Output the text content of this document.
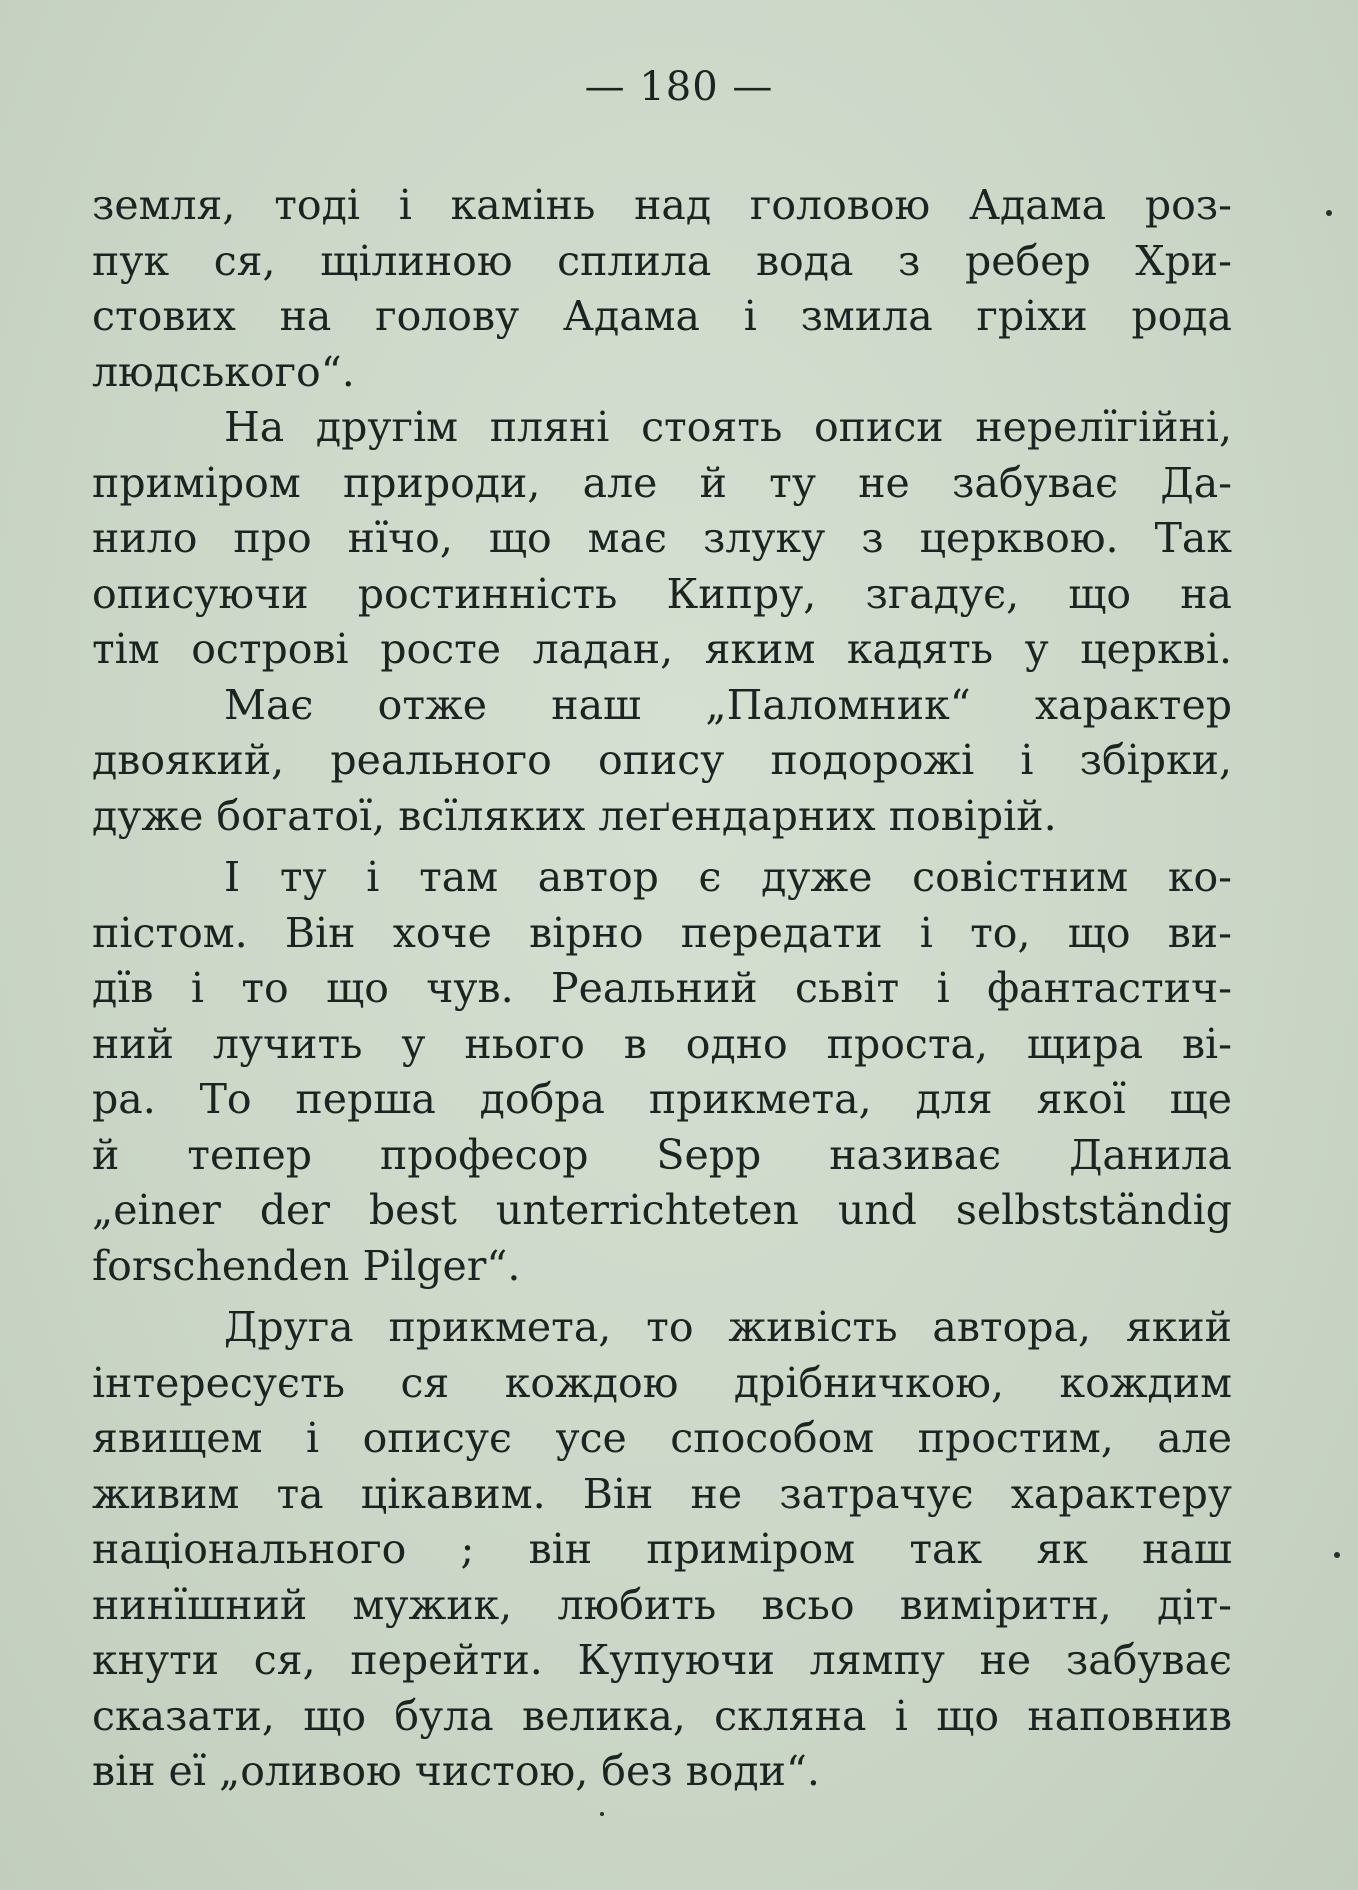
— 180 —
земля, тоді і камінь над головою Адама роз-
пук ся, щілиною сплила вода з ребер Хри-
стових на голову Адама і змила гріхи рода
людського“.
На другім пляні стоять описи нерелїгійні,
приміром природи, але й ту не забуває Да-
нило про нїчо, що має злуку з церквою. Так
описуючи ростинність Кипру, згадує, що на
тім острові росте ладан, яким кадять у церкві.
Має отже наш „Паломник“ характер
двоякий, реального опису подорожі і збірки,
дуже богатої, всїляких леґендарних повірій.
І ту і там автор є дуже совістним ко-
пістом. Він хоче вірно передати і то, що ви-
дїв і то що чув. Реальний сьвіт і фантастич-
ний лучить у нього в одно проста, щира ві-
ра. То перша добра прикмета, для якої ще
й тепер професор Sepp називає Данила
„einer der best unterrichteten und selbstständig
forschenden Pilger“.
Друга прикмета, то живість автора, який
інтересуєть ся кождою дрібничкою, кождим
явищем і описує усе способом простим, але
живим та цікавим. Він не затрачує характеру
національного ; він приміром так як наш
нинїшний мужик, любить всьо виміритн, діт-
кнути ся, перейти. Купуючи лямпу не забуває
сказати, що була велика, скляна і що наповнив
він еї „оливою чистою, без води“.
